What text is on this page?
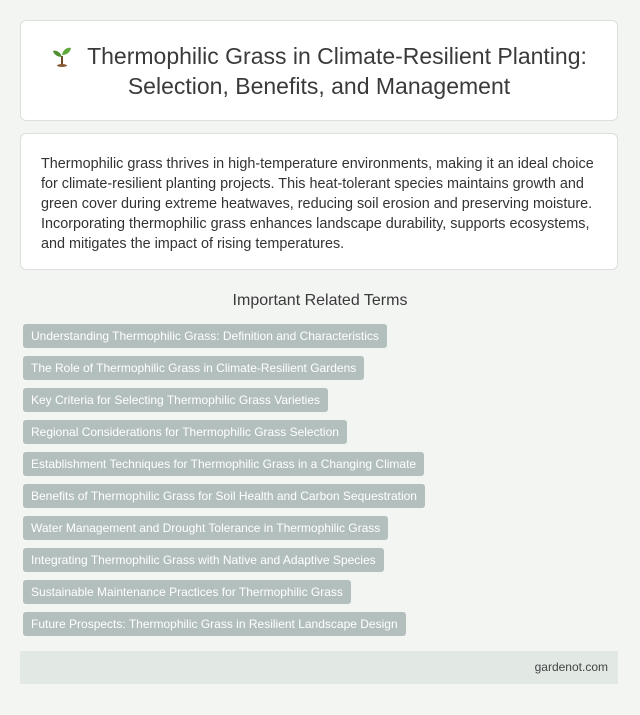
Thermophilic Grass in Climate-Resilient Planting: Selection, Benefits, and Management

Thermophilic grass thrives in high-temperature environments, making it an ideal choice for climate-resilient planting projects. This heat-tolerant species maintains growth and green cover during extreme heatwaves, reducing soil erosion and preserving moisture. Incorporating thermophilic grass enhances landscape durability, supports ecosystems, and mitigates the impact of rising temperatures.

Important Related Terms
Understanding Thermophilic Grass: Definition and Characteristics
The Role of Thermophilic Grass in Climate-Resilient Gardens
Key Criteria for Selecting Thermophilic Grass Varieties
Regional Considerations for Thermophilic Grass Selection
Establishment Techniques for Thermophilic Grass in a Changing Climate
Benefits of Thermophilic Grass for Soil Health and Carbon Sequestration
Water Management and Drought Tolerance in Thermophilic Grass
Integrating Thermophilic Grass with Native and Adaptive Species
Sustainable Maintenance Practices for Thermophilic Grass
Future Prospects: Thermophilic Grass in Resilient Landscape Design
gardenot.com
